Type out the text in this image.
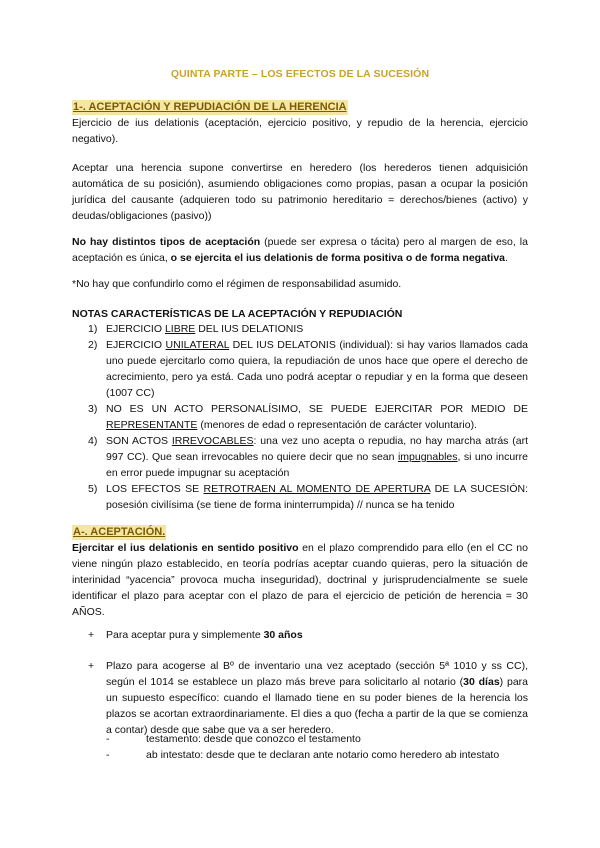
QUINTA PARTE – LOS EFECTOS DE LA SUCESIÓN
1-. ACEPTACIÓN Y REPUDIACIÓN DE LA HERENCIA
Ejercicio de ius delationis (aceptación, ejercicio positivo, y repudio de la herencia, ejercicio negativo).
Aceptar una herencia supone convertirse en heredero (los herederos tienen adquisición automática de su posición), asumiendo obligaciones como propias, pasan a ocupar la posición jurídica del causante (adquieren todo su patrimonio hereditario = derechos/bienes (activo) y deudas/obligaciones (pasivo))
No hay distintos tipos de aceptación (puede ser expresa o tácita) pero al margen de eso, la aceptación es única, o se ejercita el ius delationis de forma positiva o de forma negativa.
*No hay que confundirlo como el régimen de responsabilidad asumido.
NOTAS CARACTERÍSTICAS DE LA ACEPTACIÓN Y REPUDIACIÓN
1) EJERCICIO LIBRE DEL IUS DELATIONIS
2) EJERCICIO UNILATERAL DEL IUS DELATONIS (individual): si hay varios llamados cada uno puede ejercitarlo como quiera, la repudiación de unos hace que opere el derecho de acrecimiento, pero ya está. Cada uno podrá aceptar o repudiar y en la forma que deseen (1007 CC)
3) NO ES UN ACTO PERSONALÍSIMO, SE PUEDE EJERCITAR POR MEDIO DE REPRESENTANTE (menores de edad o representación de carácter voluntario).
4) SON ACTOS IRREVOCABLES: una vez uno acepta o repudia, no hay marcha atrás (art 997 CC). Que sean irrevocables no quiere decir que no sean impugnables, si uno incurre en error puede impugnar su aceptación
5) LOS EFECTOS SE RETROTRAEN AL MOMENTO DE APERTURA DE LA SUCESIÓN: posesión civilísima (se tiene de forma ininterrumpida) // nunca se ha tenido
A-. ACEPTACIÓN.
Ejercitar el ius delationis en sentido positivo en el plazo comprendido para ello (en el CC no viene ningún plazo establecido, en teoría podrías aceptar cuando quieras, pero la situación de interinidad “yacencia” provoca mucha inseguridad), doctrinal y jurisprudencialmente se suele identificar el plazo para aceptar con el plazo de para el ejercicio de petición de herencia = 30 AÑOS.
+ Para aceptar pura y simplemente 30 años
+ Plazo para acogerse al Bº de inventario una vez aceptado (sección 5ª 1010 y ss CC), según el 1014 se establece un plazo más breve para solicitarlo al notario (30 días) para un supuesto específico: cuando el llamado tiene en su poder bienes de la herencia los plazos se acortan extraordinariamente. El dies a quo (fecha a partir de la que se comienza a contar) desde que sabe que va a ser heredero.
-	testamento: desde que conozco el testamento
-	ab intestato: desde que te declaran ante notario como heredero ab intestato
